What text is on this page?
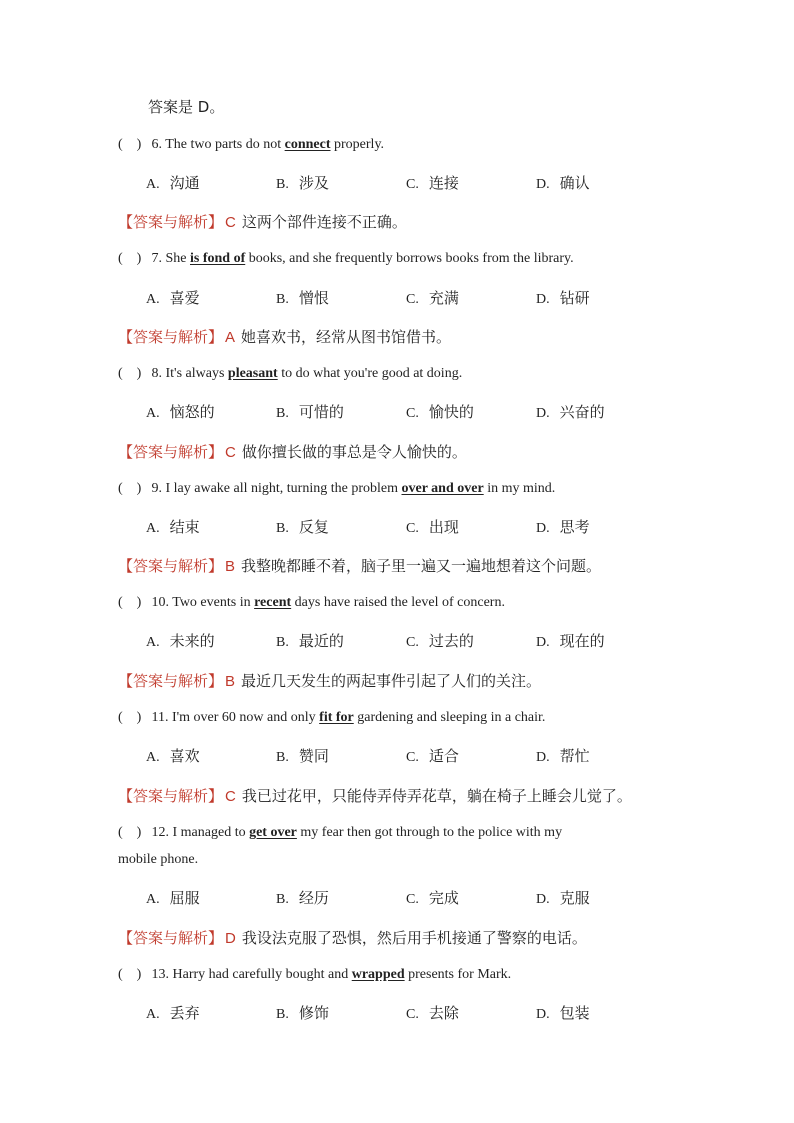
答案是 D。
(    ) 6. The two parts do not connect properly.
A. 沟通	B. 涉及	C. 连接	D. 确认
【答案与解析】 C 这两个部件连接不正确。
(    ) 7. She is fond of books, and she frequently borrows books from the library.
A. 喜爱	B. 憎恨	C. 充满	D. 钻研
【答案与解析】 A 她喜欢书，经常从图书馆借书。
(    ) 8. It's always pleasant to do what you're good at doing.
A. 恼怒的	B. 可惜的	C. 愉快的	D. 兴奋的
【答案与解析】 C 做你擅长做的事总是令人愉快的。
(    ) 9. I lay awake all night, turning the problem over and over in my mind.
A. 结束	B. 反复	C. 出现	D. 思考
【答案与解析】 B 我整晚都睡不着，脑子里一遍又一遍地想着这个问题。
(    ) 10. Two events in recent days have raised the level of concern.
A. 未来的	B. 最近的	C. 过去的	D. 现在的
【答案与解析】 B 最近几天发生的两起事件引起了人们的关注。
(    ) 11. I'm over 60 now and only fit for gardening and sleeping in a chair.
A. 喜欢	B. 赞同	C. 适合	D. 帮忙
【答案与解析】 C 我已过花甲，只能侍弄侍弄花草，躺在椅子上睡会儿觉了。
(    ) 12. I managed to get over my fear then got through to the police with my
mobile phone.
A. 屈服	B. 经历	C. 完成	D. 克服
【答案与解析】 D 我设法克服了恐惧，然后用手机接通了警察的电话。
(    ) 13. Harry had carefully bought and wrapped presents for Mark.
A. 丢弃	B. 修饰	C. 去除	D. 包装
